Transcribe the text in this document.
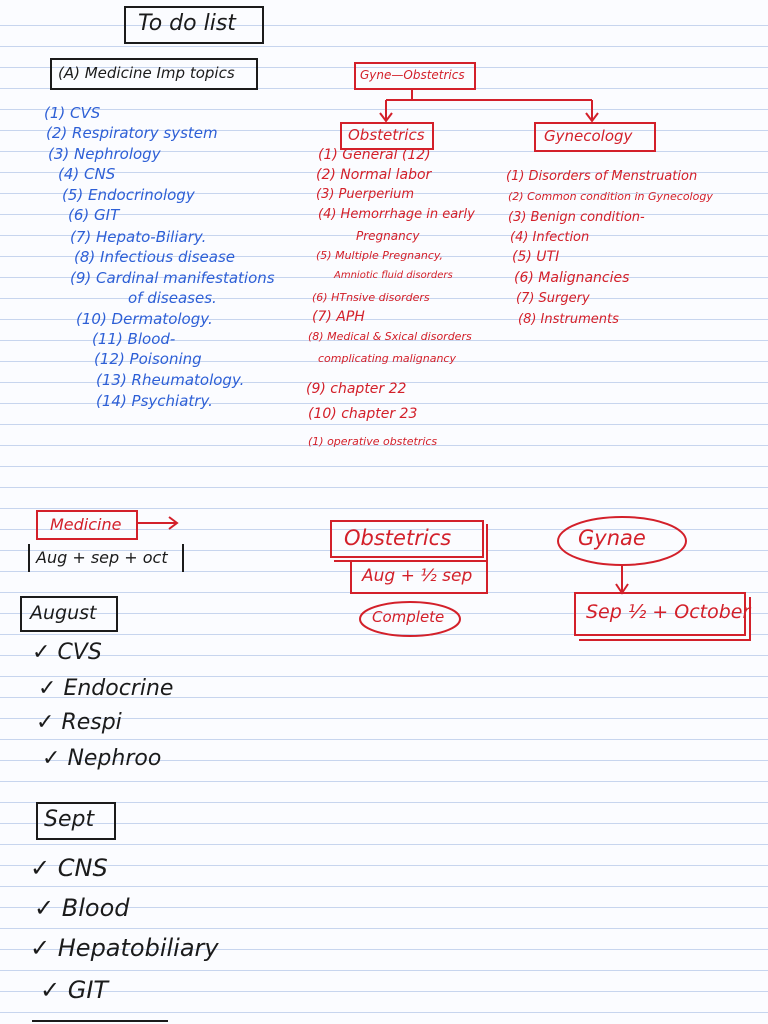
To do list
(A) Medicine Imp topics
(1) CVS
(2) Respiratory system
(3) Nephrology
(4) CNS
(5) Endocrinology
(6) GIT
(7) Hepato-Biliary.
(8) Infectious disease
(9) Cardinal manifestations
of diseases.
(10) Dermatology.
(11) Blood-
(12) Poisoning
(13) Rheumatology.
(14) Psychiatry.
Gyne—Obstetrics
Obstetrics
(1) General (12)
(2) Normal labor
(3) Puerperium
(4) Hemorrhage in early
Pregnancy
(5) Multiple Pregnancy,
Amniotic fluid disorders
(6) HTnsive disorders
(7) APH
(8) Medical & Sxical disorders
complicating malignancy
(9) chapter 22
(10) chapter 23
(1) operative obstetrics
Gynecology
(1) Disorders of Menstruation
(2) Common condition in Gynecology
(3) Benign condition-
(4) Infection
(5) UTI
(6) Malignancies
(7) Surgery
(8) Instruments
Medicine
Aug + sep + oct
Obstetrics
Aug + ½ sep
Complete
Gynae
Sep ½ + October
August
✓ CVS
✓ Endocrine
✓ Respi
✓ Nephroo
Sept
✓ CNS
✓ Blood
✓ Hepatobiliary
✓ GIT
